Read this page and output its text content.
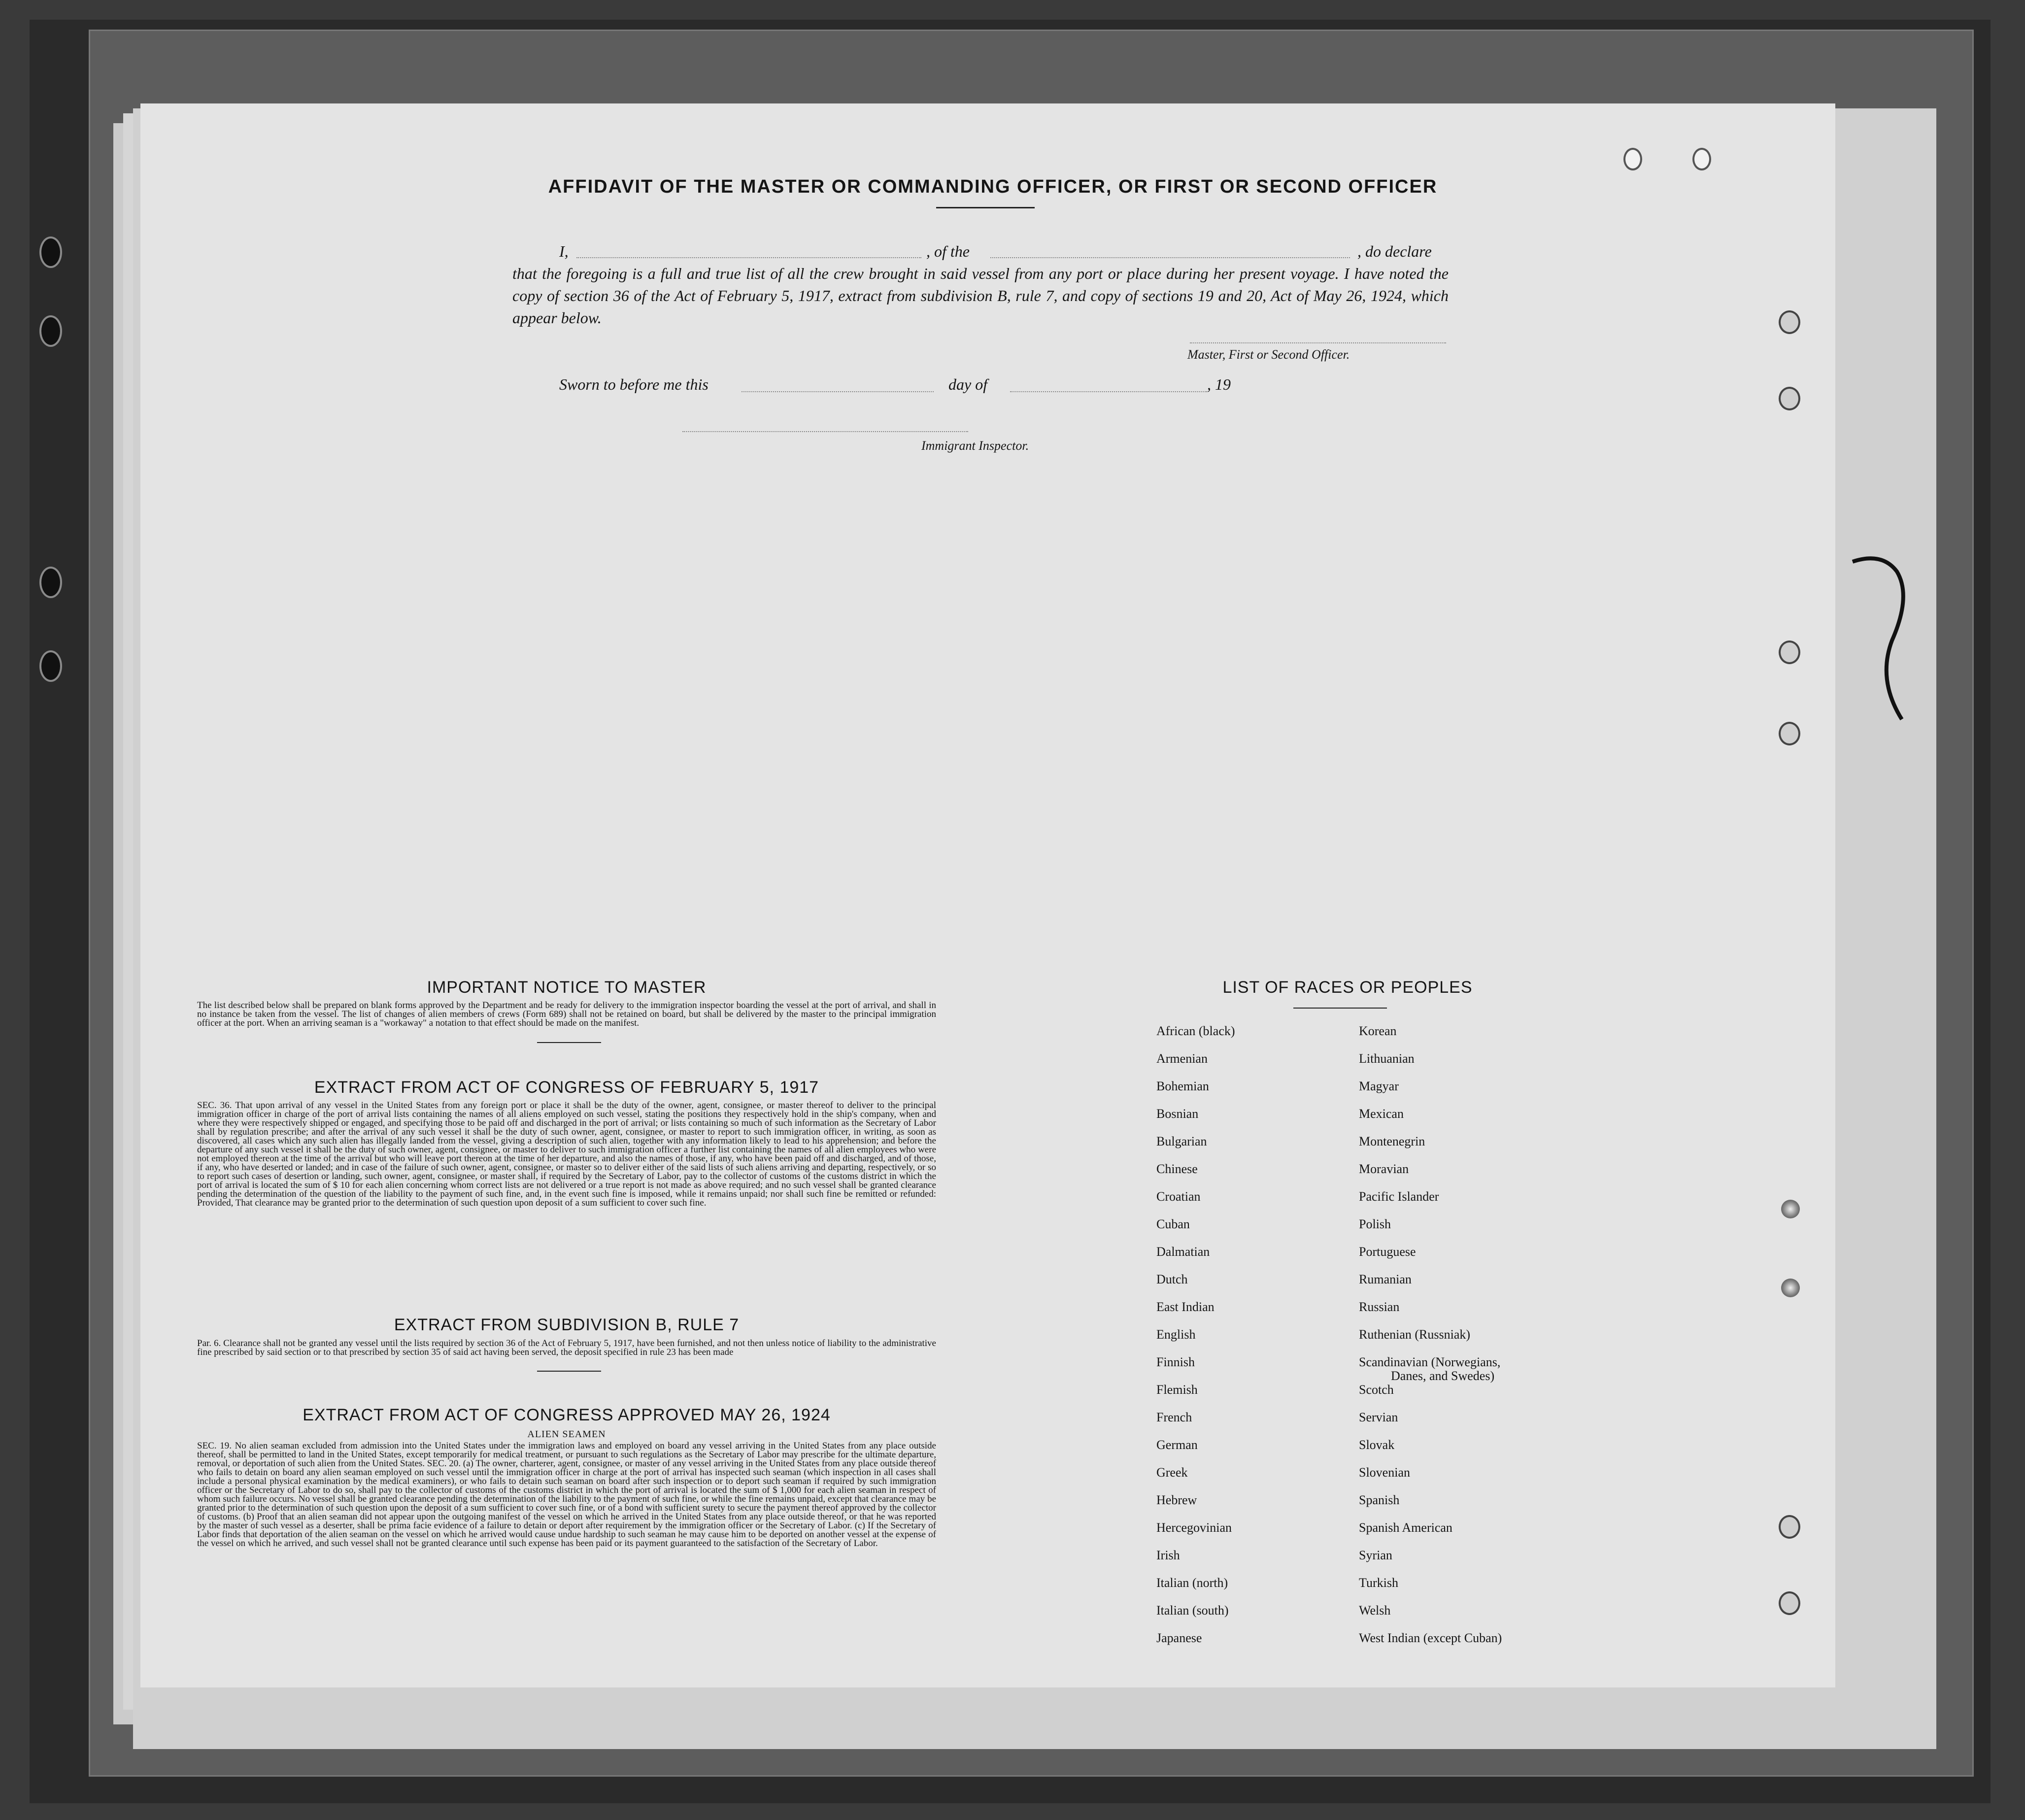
AFFIDAVIT OF THE MASTER OR COMMANDING OFFICER, OR FIRST OR SECOND OFFICER
I,	, of the	, do declare
that the foregoing is a full and true list of all the crew brought in said vessel from any port or place during her present voyage. I have noted the copy of section 36 of the Act of February 5, 1917, extract from subdivision B, rule 7, and copy of sections 19 and 20, Act of May 26, 1924, which appear below.
Master, First or Second Officer.
Sworn to before me this	day of	, 19
Immigrant Inspector.
IMPORTANT NOTICE TO MASTER
The list described below shall be prepared on blank forms approved by the Department and be ready for delivery to the immigration inspector boarding the vessel at the port of arrival, and shall in no instance be taken from the vessel. The list of changes of alien members of crews (Form 689) shall not be retained on board, but shall be delivered by the master to the principal immigration officer at the port. When an arriving seaman is a "workaway" a notation to that effect should be made on the manifest.
EXTRACT FROM ACT OF CONGRESS OF FEBRUARY 5, 1917
SEC. 36. That upon arrival of any vessel in the United States from any foreign port or place it shall be the duty of the owner, agent, consignee, or master thereof to deliver to the principal immigration officer in charge of the port of arrival lists containing the names of all aliens employed on such vessel, stating the positions they respectively hold in the ship's company, when and where they were respectively shipped or engaged, and specifying those to be paid off and discharged in the port of arrival; or lists containing so much of such information as the Secretary of Labor shall by regulation prescribe; and after the arrival of any such vessel it shall be the duty of such owner, agent, consignee, or master to report to such immigration officer, in writing, as soon as discovered, all cases which any such alien has illegally landed from the vessel, giving a description of such alien, together with any information likely to lead to his apprehension; and before the departure of any such vessel it shall be the duty of such owner, agent, consignee, or master to deliver to such immigration officer a further list containing the names of all alien employees who were not employed thereon at the time of the arrival but who will leave port thereon at the time of her departure, and also the names of those, if any, who have been paid off and discharged, and of those, if any, who have deserted or landed; and in case of the failure of such owner, agent, consignee, or master so to deliver either of the said lists of such aliens arriving and departing, respectively, or so to report such cases of desertion or landing, such owner, agent, consignee, or master shall, if required by the Secretary of Labor, pay to the collector of customs of the customs district in which the port of arrival is located the sum of $ 10 for each alien concerning whom correct lists are not delivered or a true report is not made as above required; and no such vessel shall be granted clearance pending the determination of the question of the liability to the payment of such fine, and, in the event such fine is imposed, while it remains unpaid; nor shall such fine be remitted or refunded: Provided, That clearance may be granted prior to the determination of such question upon deposit of a sum sufficient to cover such fine.
EXTRACT FROM SUBDIVISION B, RULE 7
Par. 6. Clearance shall not be granted any vessel until the lists required by section 36 of the Act of February 5, 1917, have been furnished, and not then unless notice of liability to the administrative fine prescribed by said section or to that prescribed by section 35 of said act having been served, the deposit specified in rule 23 has been made
EXTRACT FROM ACT OF CONGRESS APPROVED MAY 26, 1924
ALIEN SEAMEN
SEC. 19. No alien seaman excluded from admission into the United States under the immigration laws and employed on board any vessel arriving in the United States from any place outside thereof, shall be permitted to land in the United States, except temporarily for medical treatment, or pursuant to such regulations as the Secretary of Labor may prescribe for the ultimate departure, removal, or deportation of such alien from the United States. SEC. 20. (a) The owner, charterer, agent, consignee, or master of any vessel arriving in the United States from any place outside thereof who fails to detain on board any alien seaman employed on such vessel until the immigration officer in charge at the port of arrival has inspected such seaman (which inspection in all cases shall include a personal physical examination by the medical examiners), or who fails to detain such seaman on board after such inspection or to deport such seaman if required by such immigration officer or the Secretary of Labor to do so, shall pay to the collector of customs of the customs district in which the port of arrival is located the sum of $ 1,000 for each alien seaman in respect of whom such failure occurs. No vessel shall be granted clearance pending the determination of the liability to the payment of such fine, or while the fine remains unpaid, except that clearance may be granted prior to the determination of such question upon the deposit of a sum sufficient to cover such fine, or of a bond with sufficient surety to secure the payment thereof approved by the collector of customs. (b) Proof that an alien seaman did not appear upon the outgoing manifest of the vessel on which he arrived in the United States from any place outside thereof, or that he was reported by the master of such vessel as a deserter, shall be prima facie evidence of a failure to detain or deport after requirement by the immigration officer or the Secretary of Labor. (c) If the Secretary of Labor finds that deportation of the alien seaman on the vessel on which he arrived would cause undue hardship to such seaman he may cause him to be deported on another vessel at the expense of the vessel on which he arrived, and such vessel shall not be granted clearance until such expense has been paid or its payment guaranteed to the satisfaction of the Secretary of Labor.
LIST OF RACES OR PEOPLES
African (black)
Armenian
Bohemian
Bosnian
Bulgarian
Chinese
Croatian
Cuban
Dalmatian
Dutch
East Indian
English
Finnish
Flemish
French
German
Greek
Hebrew
Hercegovinian
Irish
Italian (north)
Italian (south)
Japanese
Korean
Lithuanian
Magyar
Mexican
Montenegrin
Moravian
Pacific Islander
Polish
Portuguese
Rumanian
Russian
Ruthenian (Russniak)
Scandinavian (Norwegians,
Scotch
Servian
Slovak
Slovenian
Spanish
Spanish American
Syrian
Turkish
Welsh
West Indian (except Cuban)
Danes, and Swedes)
